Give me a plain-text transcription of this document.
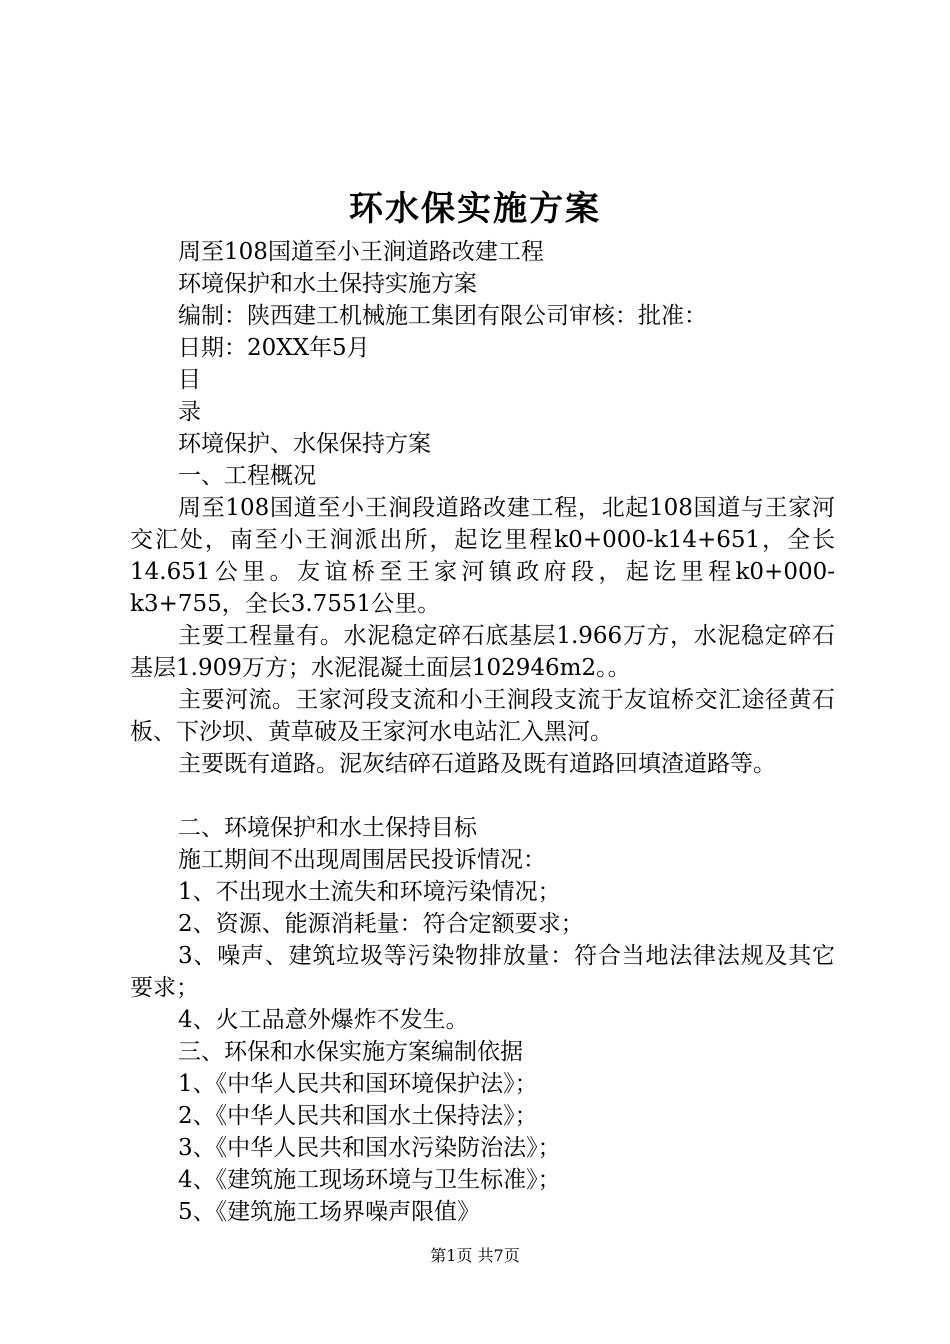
环水保实施方案
周至108国道至小王涧道路改建工程
环境保护和水土保持实施方案
编制：陕西建工机械施工集团有限公司审核：批准：
日期：20XX年5月
目
录
环境保护、水保保持方案
一、工程概况
周至108国道至小王涧段道路改建工程，北起108国道与王家河交汇处，南至小王涧派出所，起讫里程k0+000-k14+651，全长14.651公里。友谊桥至王家河镇政府段，起讫里程k0+000-k3+755，全长3.7551公里。
主要工程量有。水泥稳定碎石底基层1.966万方，水泥稳定碎石基层1.909万方；水泥混凝土面层102946m2。。
主要河流。王家河段支流和小王涧段支流于友谊桥交汇途径黄石板、下沙坝、黄草破及王家河水电站汇入黑河。
主要既有道路。泥灰结碎石道路及既有道路回填渣道路等。
二、环境保护和水土保持目标
施工期间不出现周围居民投诉情况：
1、不出现水土流失和环境污染情况；
2、资源、能源消耗量：符合定额要求；
3、噪声、建筑垃圾等污染物排放量：符合当地法律法规及其它要求；
4、火工品意外爆炸不发生。
三、环保和水保实施方案编制依据
1、《中华人民共和国环境保护法》；
2、《中华人民共和国水土保持法》；
3、《中华人民共和国水污染防治法》；
4、《建筑施工现场环境与卫生标准》；
5、《建筑施工场界噪声限值》
第1页 共7页
